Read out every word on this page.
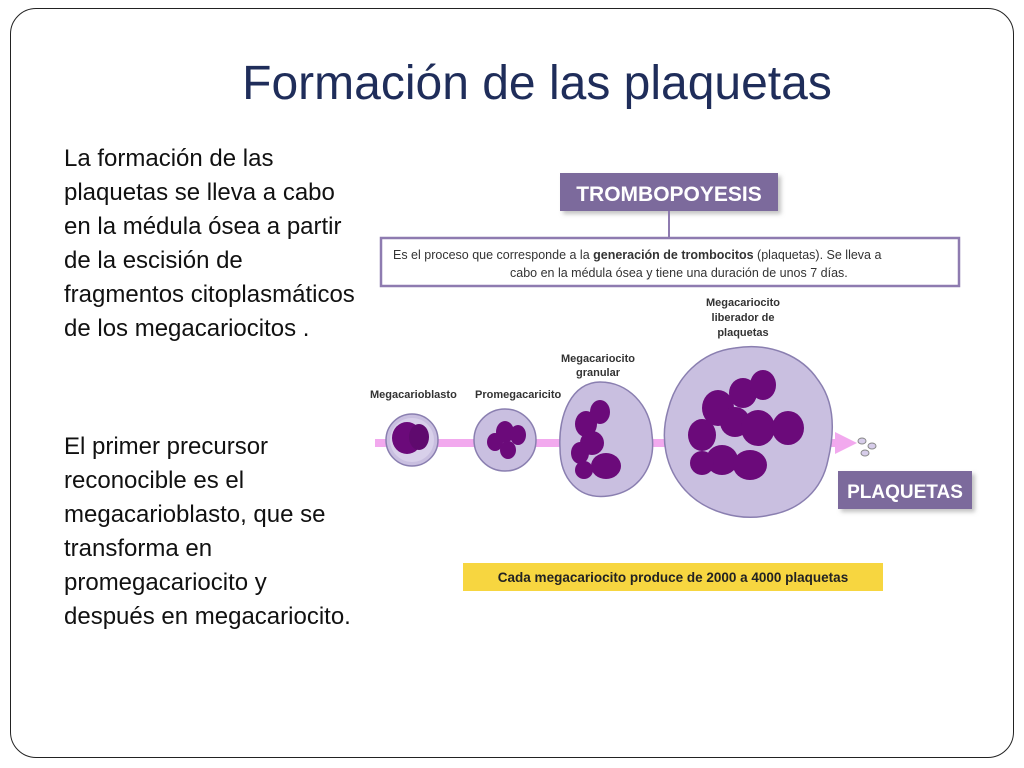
Formación de las plaquetas
La formación de las plaquetas se lleva a cabo en la médula ósea a partir de la escisión de fragmentos citoplasmáticos de los megacariocitos .
El primer precursor reconocible es el megacarioblasto, que se transforma en promegacariocito y después en megacariocito.
TROMBOPOYESIS
Es el proceso que corresponde a la generación de trombocitos (plaquetas). Se lleva a
cabo en la médula ósea y tiene una duración de unos 7 días.
Megacarioblasto Promegacaricito
Megacariocito
granular
Megacariocito
liberador de
plaquetas
PLAQUETAS
Cada megacariocito produce de 2000 a 4000 plaquetas
